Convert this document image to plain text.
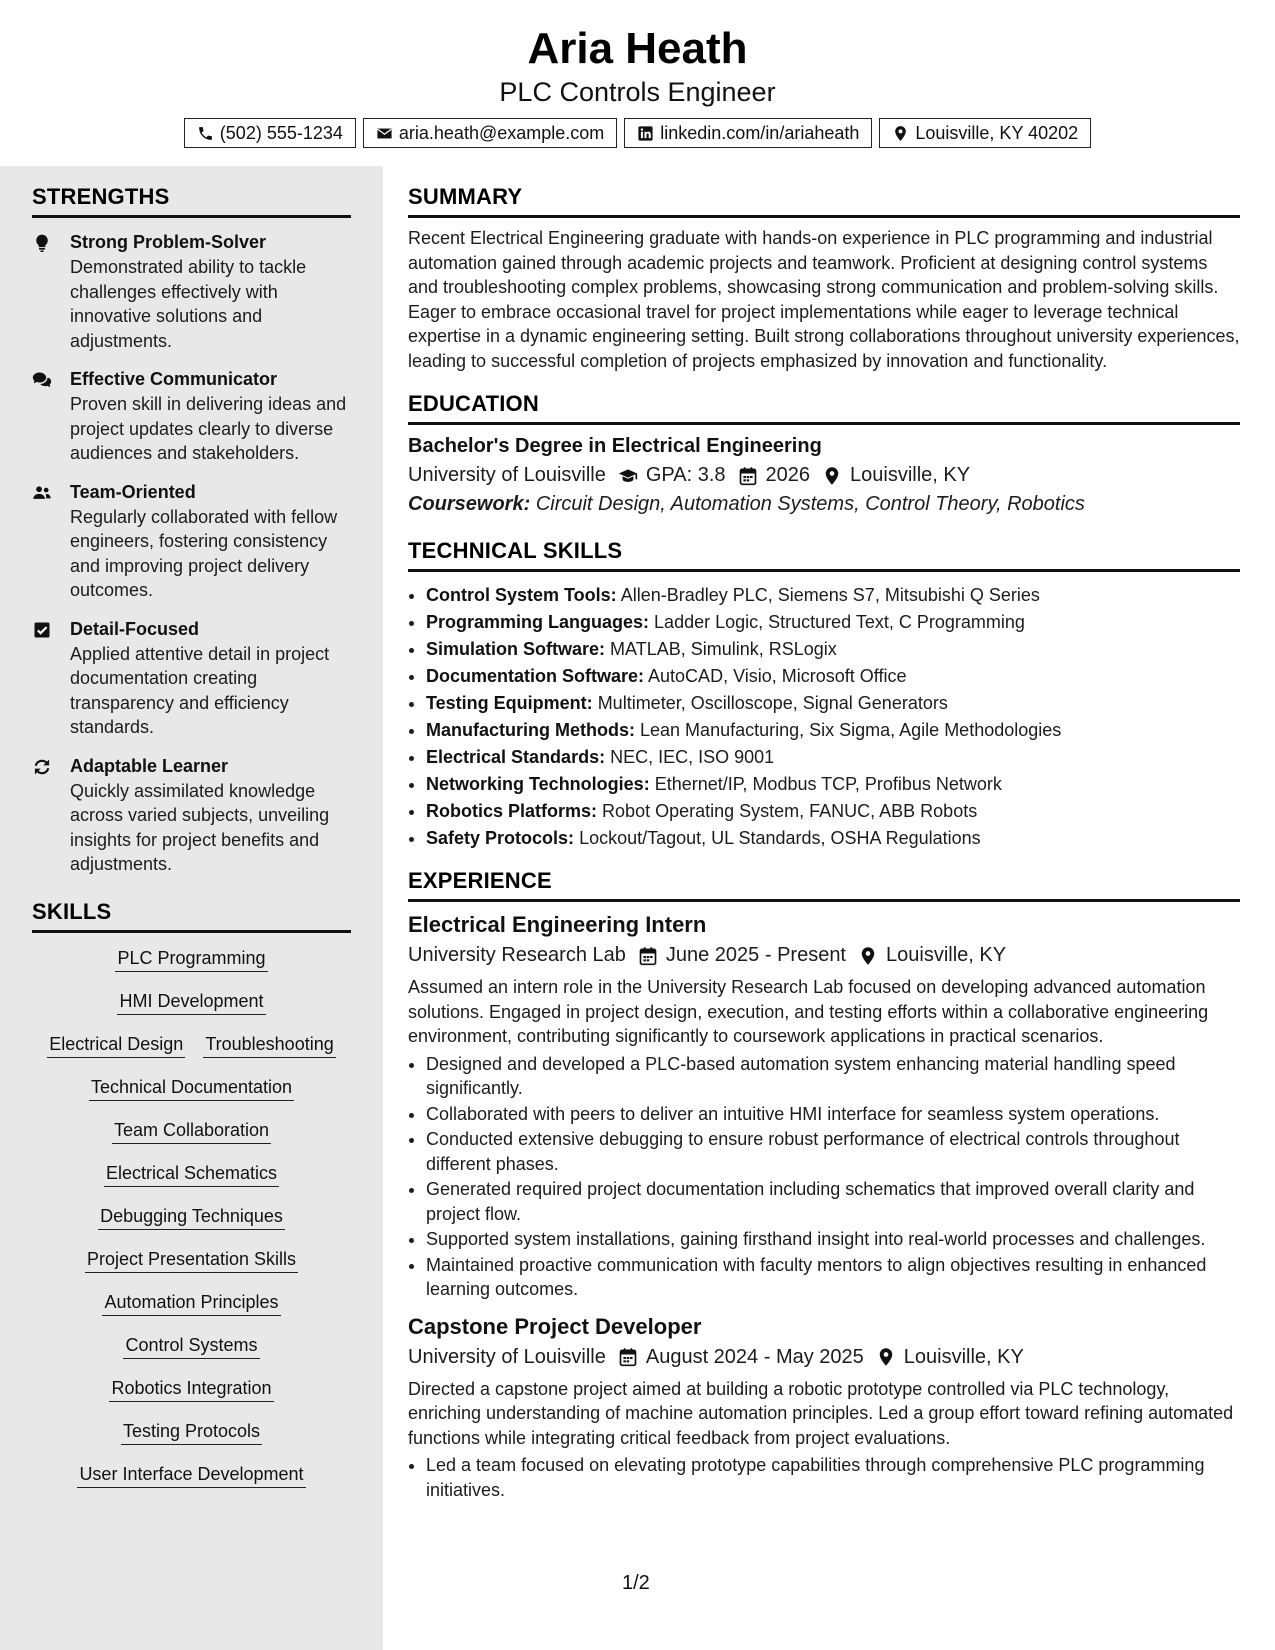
Aria Heath
PLC Controls Engineer
(502) 555-1234	aria.heath@example.com	linkedin.com/in/ariaheath	Louisville, KY 40202
STRENGTHS
Strong Problem-Solver
Demonstrated ability to tackle challenges effectively with innovative solutions and adjustments.
Effective Communicator
Proven skill in delivering ideas and project updates clearly to diverse audiences and stakeholders.
Team-Oriented
Regularly collaborated with fellow engineers, fostering consistency and improving project delivery outcomes.
Detail-Focused
Applied attentive detail in project documentation creating transparency and efficiency standards.
Adaptable Learner
Quickly assimilated knowledge across varied subjects, unveiling insights for project benefits and adjustments.
SKILLS
PLC Programming
HMI Development
Electrical Design Troubleshooting
Technical Documentation
Team Collaboration
Electrical Schematics
Debugging Techniques
Project Presentation Skills
Automation Principles
Control Systems
Robotics Integration
Testing Protocols
User Interface Development
SUMMARY

Recent Electrical Engineering graduate with hands-on experience in PLC programming and industrial automation gained through academic projects and teamwork. Proficient at designing control systems and troubleshooting complex problems, showcasing strong communication and problem-solving skills. Eager to embrace occasional travel for project implementations while eager to leverage technical expertise in a dynamic engineering setting. Built strong collaborations throughout university experiences, leading to successful completion of projects emphasized by innovation and functionality.

EDUCATION
Bachelor's Degree in Electrical Engineering
University of Louisville GPA: 3.8 2026 Louisville, KY
Coursework: Circuit Design, Automation Systems, Control Theory, Robotics
TECHNICAL SKILLS
• Control System Tools: Allen-Bradley PLC, Siemens S7, Mitsubishi Q Series
• Programming Languages: Ladder Logic, Structured Text, C Programming
• Simulation Software: MATLAB, Simulink, RSLogix
• Documentation Software: AutoCAD, Visio, Microsoft Office
• Testing Equipment: Multimeter, Oscilloscope, Signal Generators
• Manufacturing Methods: Lean Manufacturing, Six Sigma, Agile Methodologies
• Electrical Standards: NEC, IEC, ISO 9001
• Networking Technologies: Ethernet/IP, Modbus TCP, Profibus Network
• Robotics Platforms: Robot Operating System, FANUC, ABB Robots
• Safety Protocols: Lockout/Tagout, UL Standards, OSHA Regulations
EXPERIENCE
Electrical Engineering Intern
University Research Lab June 2025 - Present Louisville, KY

Assumed an intern role in the University Research Lab focused on developing advanced automation solutions. Engaged in project design, execution, and testing efforts within a collaborative engineering environment, contributing significantly to coursework applications in practical scenarios.

• Designed and developed a PLC-based automation system enhancing material handling speed significantly.
• Collaborated with peers to deliver an intuitive HMI interface for seamless system operations.
• Conducted extensive debugging to ensure robust performance of electrical controls throughout different phases.
• Generated required project documentation including schematics that improved overall clarity and project flow.
• Supported system installations, gaining firsthand insight into real-world processes and challenges.
• Maintained proactive communication with faculty mentors to align objectives resulting in enhanced learning outcomes.
Capstone Project Developer
University of Louisville August 2024 - May 2025 Louisville, KY

Directed a capstone project aimed at building a robotic prototype controlled via PLC technology, enriching understanding of machine automation principles. Led a group effort toward refining automated functions while integrating critical feedback from project evaluations.

• Led a team focused on elevating prototype capabilities through comprehensive PLC programming initiatives.
1/2
